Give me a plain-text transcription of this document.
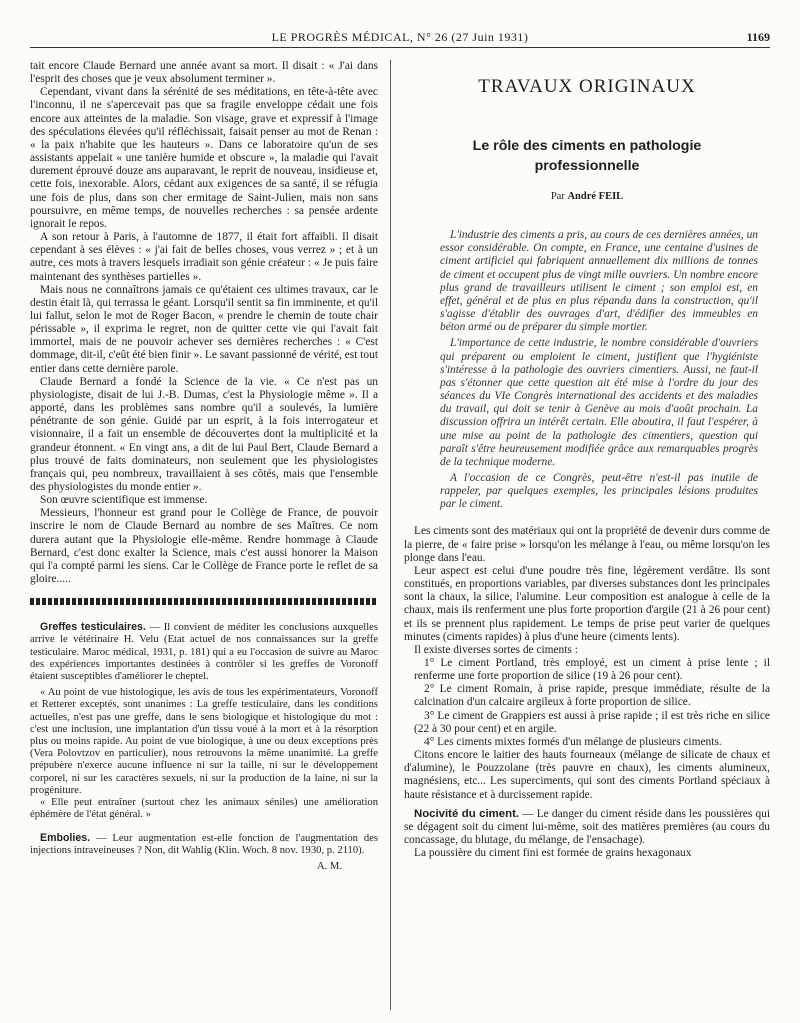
LE PROGRÈS MÉDICAL, N° 26 (27 Juin 1931)	1169

tait encore Claude Bernard une année avant sa mort. Il disait : « J'ai dans l'esprit des choses que je veux absolument terminer ».

Cependant, vivant dans la sérénité de ses méditations, en tête-à-tête avec l'inconnu, il ne s'apercevait pas que sa fragile enveloppe cédait une fois encore aux atteintes de la maladie. Son visage, grave et expressif à l'image des spéculations élevées qu'il réfléchissait, faisait penser au mot de Renan : « la paix n'habite que les hauteurs ». Dans ce laboratoire qu'un de ses assistants appelait « une tanière humide et obscure », la maladie qui l'avait durement éprouvé douze ans auparavant, le reprit de nouveau, insidieuse et, cette fois, inexorable. Alors, cédant aux exigences de sa santé, il se réfugia une fois de plus, dans son cher ermitage de Saint-Julien, mais non sans poursuivre, en même temps, de nouvelles recherches : sa pensée ardente ignorait le repos.

A son retour à Paris, à l'automne de 1877, il était fort affaibli. Il disait cependant à ses élèves : « j'ai fait de belles choses, vous verrez » ; et à un autre, ces mots à travers lesquels irradiait son génie créateur : « Je puis faire maintenant des synthèses partielles ».

Mais nous ne connaîtrons jamais ce qu'étaient ces ultimes travaux, car le destin était là, qui terrassa le géant. Lorsqu'il sentit sa fin imminente, et qu'il lui fallut, selon le mot de Roger Bacon, « prendre le chemin de toute chair périssable », il exprima le regret, non de quitter cette vie qui l'avait fait immortel, mais de ne pouvoir achever ses dernières recherches : « C'est dommage, dit-il, c'eût été bien finir ». Le savant passionné de vérité, est tout entier dans cette dernière parole.

Claude Bernard a fondé la Science de la vie. « Ce n'est pas un physiologiste, disait de lui J.-B. Dumas, c'est la Physiologie même ». Il a apporté, dans les problèmes sans nombre qu'il a soulevés, la lumière pénétrante de son génie. Guidé par un esprit, à la fois interrogateur et visionnaire, il a fait un ensemble de découvertes dont la multiplicité et la grandeur étonnent. « En vingt ans, a dit de lui Paul Bert, Claude Bernard a plus trouvé de faits dominateurs, non seulement que les physiologistes français qui, peu nombreux, travaillaient à ses côtés, mais que l'ensemble des physiologistes du monde entier ».

Son œuvre scientifique est immense.

Messieurs, l'honneur est grand pour le Collège de France, de pouvoir inscrire le nom de Claude Bernard au nombre de ses Maîtres. Ce nom durera autant que la Physiologie elle-même. Rendre hommage à Claude Bernard, c'est donc exalter la Science, mais c'est aussi honorer la Maison qui l'a compté parmi les siens. Car le Collège de France porte le reflet de sa gloire.....

Greffes testiculaires. — Il convient de méditer les conclusions auxquelles arrive le vétérinaire H. Velu (Etat actuel de nos connaissances sur la greffe testiculaire. Maroc médical, 1931, p. 181) qui a eu l'occasion de suivre au Maroc des expériences importantes destinées à contrôler si les greffes de Voronoff étaient susceptibles d'améliorer le cheptel.

« Au point de vue histologique, les avis de tous les expérimentateurs, Voronoff et Retterer exceptés, sont unanimes : La greffe testiculaire, dans les conditions actuelles, n'est pas une greffe, dans le sens biologique et histologique du mot : c'est une inclusion, une implantation d'un tissu voué à la mort et à la résorption plus ou moins rapide. Au point de vue biologique, à une ou deux exceptions près (Vera Polovtzov en particulier), nous retrouvons la même unanimité. La greffe prépubère n'exerce aucune influence ni sur la taille, ni sur le développement corporel, ni sur les caractères sexuels, ni sur la production de la laine, ni sur la progéniture.

« Elle peut entraîner (surtout chez les animaux séniles) une amélioration éphémère de l'état général. »

Embolies. — Leur augmentation est-elle fonction de l'augmentation des injections intraveineuses ? Non, dit Wahlig (Klin. Woch. 8 nov. 1930, p. 2110).

A. M.
TRAVAUX ORIGINAUX
Le rôle des ciments en pathologie
professionnelle
Par André FEIL

L'industrie des ciments a pris, au cours de ces dernières années, un essor considérable. On compte, en France, une centaine d'usines de ciment artificiel qui fabriquent annuellement dix millions de tonnes de ciment et occupent plus de vingt mille ouvriers. Un nombre encore plus grand de travailleurs utilisent le ciment ; son emploi est, en effet, général et de plus en plus répandu dans la construction, qu'il s'agisse d'établir des ouvrages d'art, d'édifier des immeubles en béton armé ou de préparer du simple mortier.

L'importance de cette industrie, le nombre considérable d'ouvriers qui préparent ou emploient le ciment, justifient que l'hygiéniste s'intéresse à la pathologie des ouvriers cimentiers. Aussi, ne faut-il pas s'étonner que cette question ait été mise à l'ordre du jour des séances du VIe Congrès international des accidents et des maladies du travail, qui doit se tenir à Genève au mois d'août prochain. La discussion offrira un intérêt certain. Elle aboutira, il faut l'espérer, à une mise au point de la pathologie des cimentiers, question qui paraît s'être heureusement modifiée grâce aux remarquables progrès de la technique moderne.

A l'occasion de ce Congrès, peut-être n'est-il pas inutile de rappeler, par quelques exemples, les principales lésions produites par le ciment.

Les ciments sont des matériaux qui ont la propriété de devenir durs comme de la pierre, de « faire prise » lorsqu'on les mélange à l'eau, ou même lorsqu'on les plonge dans l'eau.

Leur aspect est celui d'une poudre très fine, légèrement verdâtre. Ils sont constitués, en proportions variables, par diverses substances dont les principales sont la chaux, la silice, l'alumine. Leur composition est analogue à celle de la chaux, mais ils renferment une plus forte proportion d'argile (21 à 26 pour cent) et ils se prennent plus rapidement. Le temps de prise peut varier de quelques minutes (ciments rapides) à plus d'une heure (ciments lents).

Il existe diverses sortes de ciments :

1° Le ciment Portland, très employé, est un ciment à prise lente ; il renferme une forte proportion de silice (19 à 26 pour cent).

2° Le ciment Romain, à prise rapide, presque immédiate, résulte de la calcination d'un calcaire argileux à forte proportion de silice.

3° Le ciment de Grappiers est aussi à prise rapide ; il est très riche en silice (22 à 30 pour cent) et en argile.

4° Les ciments mixtes formés d'un mélange de plusieurs ciments.

Citons encore le laitier des hauts fourneaux (mélange de silicate de chaux et d'alumine), le Pouzzolane (très pauvre en chaux), les ciments alumineux, magnésiens, etc... Les superciments, qui sont des ciments Portland spéciaux à haute résistance et à durcissement rapide.

Nocivité du ciment. — Le danger du ciment réside dans les poussières qui se dégagent soit du ciment lui-même, soit des matières premières (au cours du concassage, du blutage, du mélange, de l'ensachage).

La poussière du ciment fini est formée de grains hexagonaux
